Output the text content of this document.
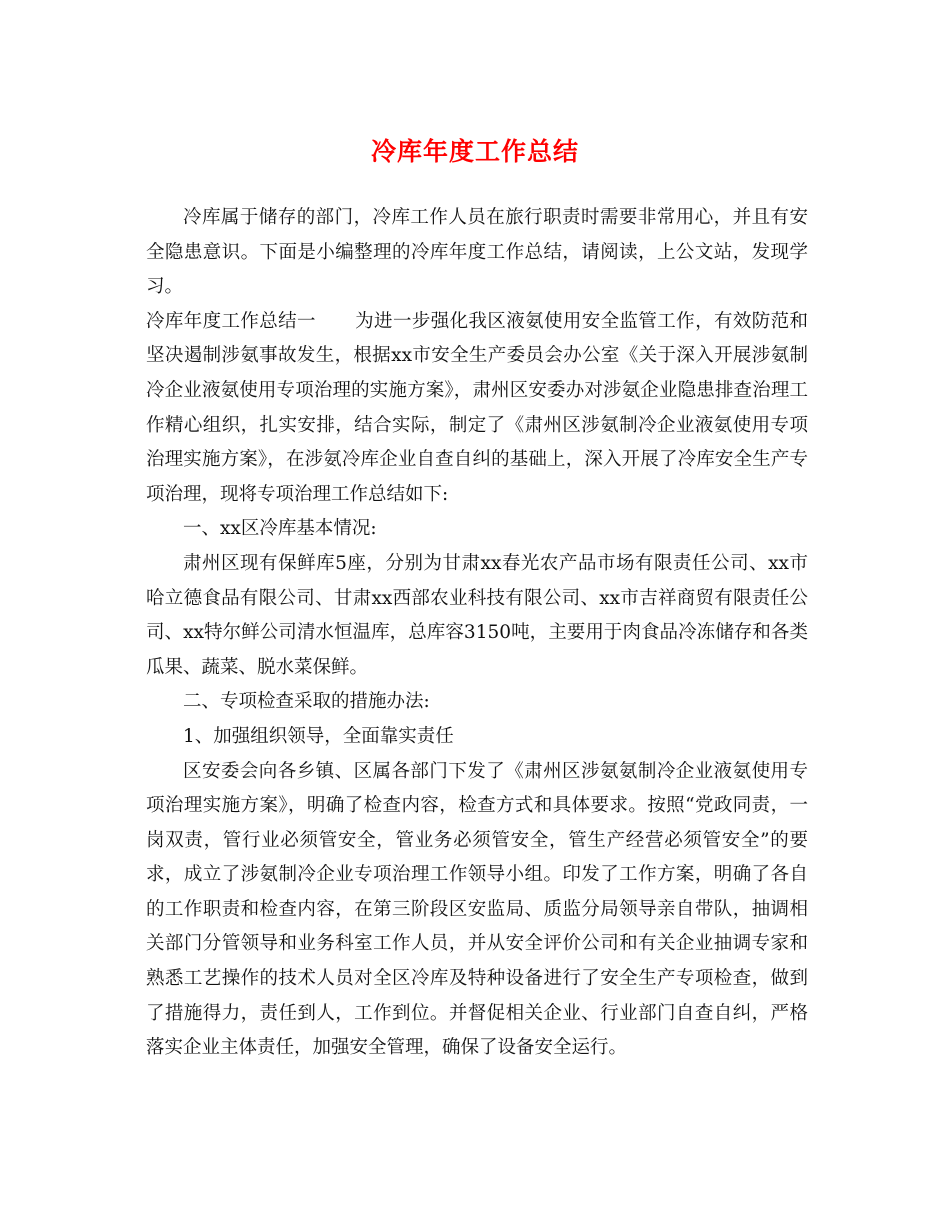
冷库年度工作总结

冷库属于储存的部门，冷库工作人员在旅行职责时需要非常用心，并且有安全隐患意识。下面是小编整理的冷库年度工作总结，请阅读，上公文站，发现学习。

冷库年度工作总结一 为进一步强化我区液氨使用安全监管工作，有效防范和坚决遏制涉氨事故发生，根据xx市安全生产委员会办公室《关于深入开展涉氨制冷企业液氨使用专项治理的实施方案》，肃州区安委办对涉氨企业隐患排查治理工作精心组织，扎实安排，结合实际，制定了《肃州区涉氨制冷企业液氨使用专项治理实施方案》，在涉氨冷库企业自查自纠的基础上，深入开展了冷库安全生产专项治理，现将专项治理工作总结如下:

一、xx区冷库基本情况:

肃州区现有保鲜库5座，分别为甘肃xx春光农产品市场有限责任公司、xx市哈立德食品有限公司、甘肃xx西部农业科技有限公司、xx市吉祥商贸有限责任公司、xx特尔鲜公司清水恒温库，总库容3150吨，主要用于肉食品冷冻储存和各类瓜果、蔬菜、脱水菜保鲜。

二、专项检查采取的措施办法:

1、加强组织领导，全面靠实责任

区安委会向各乡镇、区属各部门下发了《肃州区涉氨氨制冷企业液氨使用专项治理实施方案》，明确了检查内容，检查方式和具体要求。按照“党政同责，一岗双责，管行业必须管安全，管业务必须管安全，管生产经营必须管安全”的要求，成立了涉氨制冷企业专项治理工作领导小组。印发了工作方案，明确了各自的工作职责和检查内容，在第三阶段区安监局、质监分局领导亲自带队，抽调相关部门分管领导和业务科室工作人员，并从安全评价公司和有关企业抽调专家和熟悉工艺操作的技术人员对全区冷库及特种设备进行了安全生产专项检查，做到了措施得力，责任到人，工作到位。并督促相关企业、行业部门自查自纠，严格落实企业主体责任，加强安全管理，确保了设备安全运行。
